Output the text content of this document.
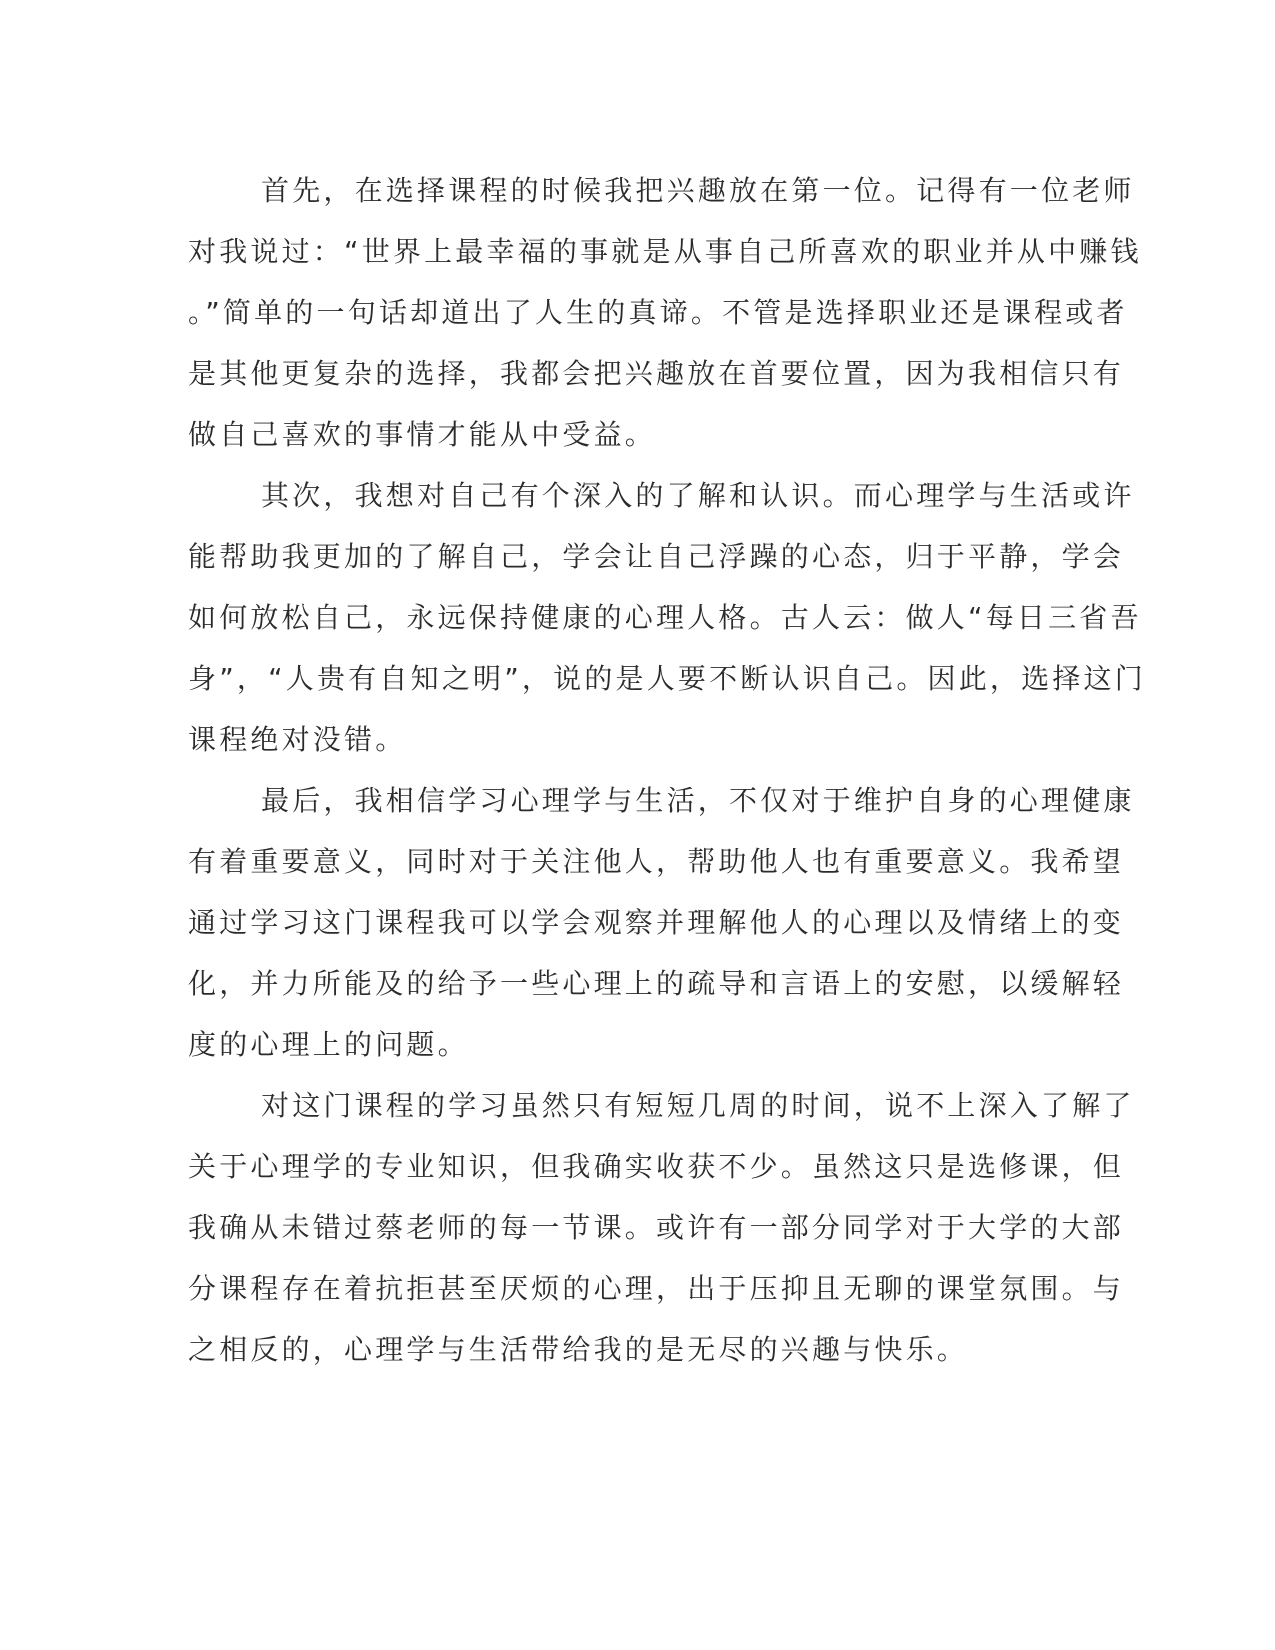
首先，在选择课程的时候我把兴趣放在第一位。记得有一位老师
对我说过：“世界上最幸福的事就是从事自己所喜欢的职业并从中赚钱
。”简单的一句话却道出了人生的真谛。不管是选择职业还是课程或者
是其他更复杂的选择，我都会把兴趣放在首要位置，因为我相信只有
做自己喜欢的事情才能从中受益。
其次，我想对自己有个深入的了解和认识。而心理学与生活或许
能帮助我更加的了解自己，学会让自己浮躁的心态，归于平静，学会
如何放松自己，永远保持健康的心理人格。古人云：做人“每日三省吾
身”，“人贵有自知之明”，说的是人要不断认识自己。因此，选择这门
课程绝对没错。
最后，我相信学习心理学与生活，不仅对于维护自身的心理健康
有着重要意义，同时对于关注他人，帮助他人也有重要意义。我希望
通过学习这门课程我可以学会观察并理解他人的心理以及情绪上的变
化，并力所能及的给予一些心理上的疏导和言语上的安慰，以缓解轻
度的心理上的问题。
对这门课程的学习虽然只有短短几周的时间，说不上深入了解了
关于心理学的专业知识，但我确实收获不少。虽然这只是选修课，但
我确从未错过蔡老师的每一节课。或许有一部分同学对于大学的大部
分课程存在着抗拒甚至厌烦的心理，出于压抑且无聊的课堂氛围。与
之相反的，心理学与生活带给我的是无尽的兴趣与快乐。
